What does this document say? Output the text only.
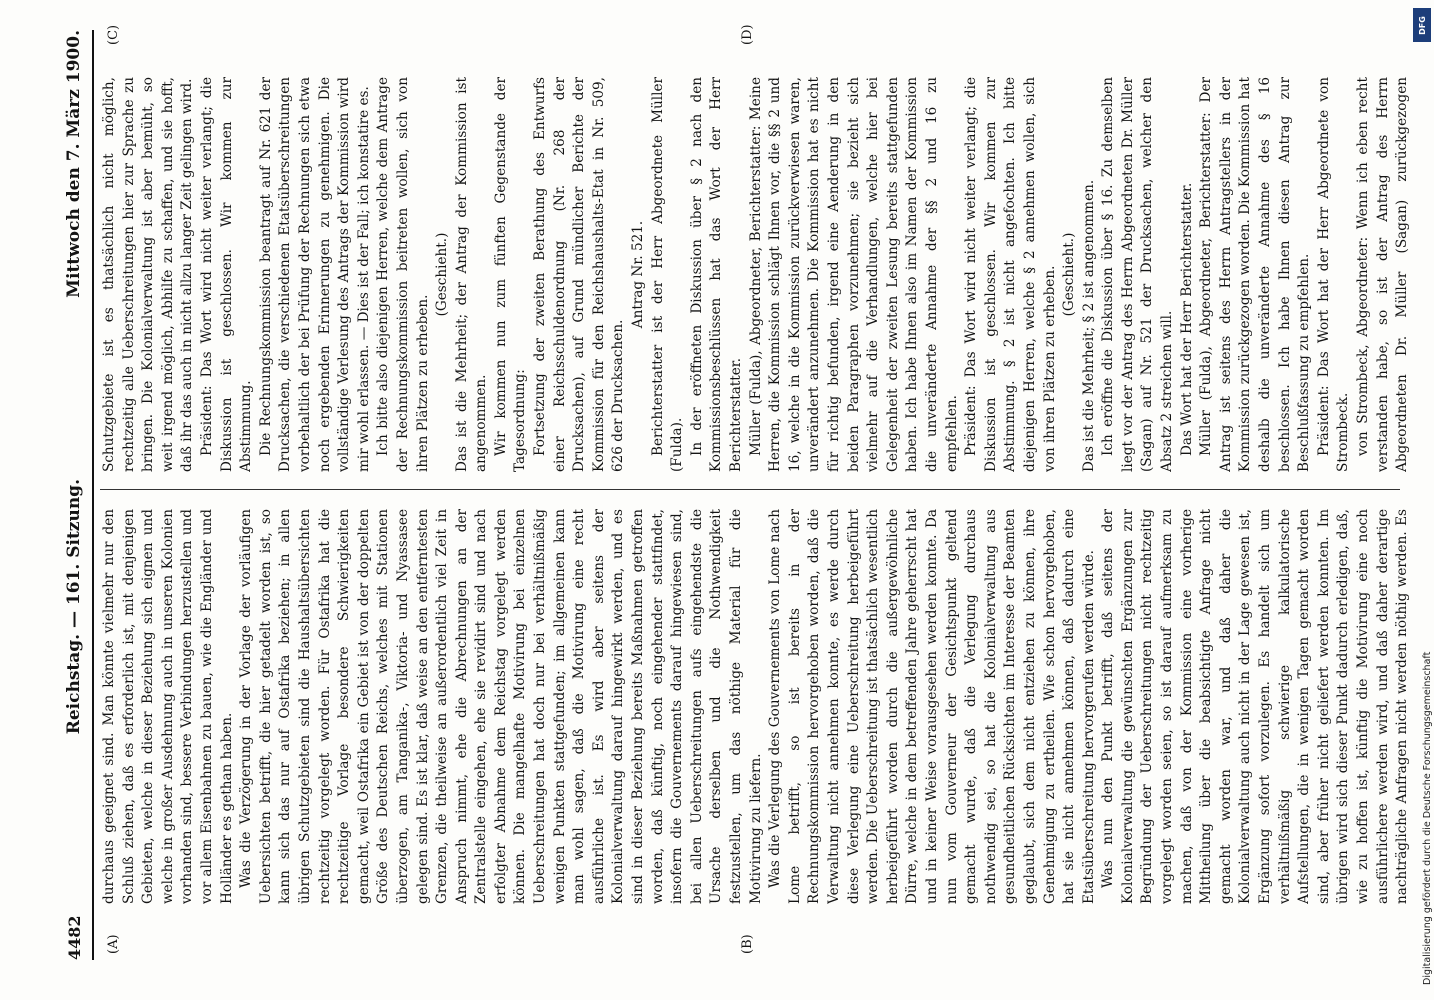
4482
Reichstag. — 161. Sitzung.
Mittwoch den 7. März 1900.
(A)	(B)
(C)	(D)

durchaus geeignet sind. Man könnte vielmehr nur den Schluß ziehen, daß es erforderlich ist, mit denjenigen Gebieten, welche in dieser Beziehung sich eignen und welche in großer Ausdehnung auch in unseren Kolonien vorhanden sind, bessere Verbindungen herzustellen und vor allem Eisenbahnen zu bauen, wie die Engländer und Holländer es gethan haben. Was die Verzögerung in der Vorlage der vorläufigen Uebersichten betrifft, die hier getadelt worden ist, so kann sich das nur auf Ostafrika beziehen; in allen übrigen Schutzgebieten sind die Haushaltsübersichten rechtzeitig vorgelegt worden. Für Ostafrika hat die rechtzeitige Vorlage besondere Schwierigkeiten gemacht, weil Ostafrika ein Gebiet ist von der doppelten Größe des Deutschen Reichs, welches mit Stationen überzogen, am Tanganika-, Viktoria- und Nyassasee gelegen sind. Es ist klar, daß weise an den entferntesten Grenzen, die theilweise an außerordentlich viel Zeit in Anspruch nimmt, ehe die Abrechnungen an der Zentralstelle eingehen, ehe sie revidirt sind und nach erfolgter Abnahme dem Reichstag vorgelegt werden können. Die mangelhafte Motivirung bei einzelnen Ueberschreitungen hat doch nur bei verhältnißmäßig wenigen Punkten stattgefunden; im allgemeinen kann man wohl sagen, daß die Motivirung eine recht ausführliche ist. Es wird aber seitens der Kolonialverwaltung darauf hingewirkt werden, und es sind in dieser Beziehung bereits Maßnahmen getroffen worden, daß künftig, noch eingehender stattfindet, insofern die Gouvernements darauf hingewiesen sind, bei allen Ueberschreitungen aufs eingehendste die Ursache derselben und die Nothwendigkeit festzustellen, um das nöthige Material für die Motivirung zu liefern. Was die Verlegung des Gouvernements von Lome nach Lome betrifft, so ist bereits in der Rechnungskommission hervorgehoben worden, daß die Verwaltung nicht annehmen konnte, es werde durch diese Verlegung eine Ueberschreitung herbeigeführt werden. Die Ueberschreitung ist thatsächlich wesentlich herbeigeführt worden durch die außergewöhnliche Dürre, welche in dem betreffenden Jahre geherrscht hat und in keiner Weise vorausgesehen werden konnte. Da nun vom Gouverneur der Gesichtspunkt geltend gemacht wurde, daß die Verlegung durchaus nothwendig sei, so hat die Kolonialverwaltung aus gesundheitlichen Rücksichten im Interesse der Beamten geglaubt, sich dem nicht entziehen zu können, ihre Genehmigung zu ertheilen. Wie schon hervorgehoben, hat sie nicht annehmen können, daß dadurch eine Etatsüberschreitung hervorgerufen werden würde. Was nun den Punkt betrifft, daß seitens der Kolonialverwaltung die gewünschten Ergänzungen zur Begründung der Ueberschreitungen nicht rechtzeitig vorgelegt worden seien, so ist darauf aufmerksam zu machen, daß von der Kommission eine vorherige Mittheilung über die beabsichtigte Anfrage nicht gemacht worden war, und daß daher die Kolonialverwaltung auch nicht in der Lage gewesen ist, Ergänzung sofort vorzulegen. Es handelt sich um verhältnißmäßig schwierige kalkulatorische Aufstellungen, die in wenigen Tagen gemacht worden sind, aber früher nicht geliefert werden konnten. Im übrigen wird sich dieser Punkt dadurch erledigen, daß, wie zu hoffen ist, künftig die Motivirung eine noch ausführlichere werden wird, und daß daher derartige nachträgliche Anfragen nicht werden nöthig werden. Es

Schutzgebiete ist es thatsächlich nicht möglich, rechtzeitig alle Ueberschreitungen hier zur Sprache zu bringen. Die Kolonialverwaltung ist aber bemüht, so weit irgend möglich, Abhilfe zu schaffen, und sie hofft, daß ihr das auch in nicht allzu langer Zeit gelingen wird. Präsident: Das Wort wird nicht weiter verlangt; die Diskussion ist geschlossen. Wir kommen zur Abstimmung. Die Rechnungskommission beantragt auf Nr. 621 der Drucksachen, die verschiedenen Etatsüberschreitungen vorbehaltlich der bei Prüfung der Rechnungen sich etwa noch ergebenden Erinnerungen zu genehmigen. Die vollständige Verlesung des Antrags der Kommission wird mir wohl erlassen. — Dies ist der Fall; ich konstatire es. Ich bitte also diejenigen Herren, welche dem Antrage der Rechnungskommission beitreten wollen, sich von ihren Plätzen zu erheben.

(Geschieht.) Das ist die Mehrheit; der Antrag der Kommission ist angenommen. Wir kommen nun zum fünften Gegenstande der Tagesordnung: Fortsetzung der zweiten Berathung des Entwurfs einer Reichsschuldenordnung (Nr. 268 der Drucksachen), auf Grund mündlicher Berichte der Kommission für den Reichshaushalts-Etat in Nr. 509, 626 der Drucksachen.

Antrag Nr. 521. Berichterstatter ist der Herr Abgeordnete Müller (Fulda). In der eröffneten Diskussion über § 2 nach den Kommissionsbeschlüssen hat das Wort der Herr Berichterstatter. Müller (Fulda), Abgeordneter, Berichterstatter: Meine Herren, die Kommission schlägt Ihnen vor, die §§ 2 und 16, welche in die Kommission zurückverwiesen waren, unverändert anzunehmen. Die Kommission hat es nicht für richtig befunden, irgend eine Aenderung in den beiden Paragraphen vorzunehmen; sie bezieht sich vielmehr auf die Verhandlungen, welche hier bei Gelegenheit der zweiten Lesung bereits stattgefunden haben. Ich habe Ihnen also im Namen der Kommission die unveränderte Annahme der §§ 2 und 16 zu empfehlen. Präsident: Das Wort wird nicht weiter verlangt; die Diskussion ist geschlossen. Wir kommen zur Abstimmung. § 2 ist nicht angefochten. Ich bitte diejenigen Herren, welche § 2 annehmen wollen, sich von ihren Plätzen zu erheben. (Geschieht.) Das ist die Mehrheit; § 2 ist angenommen. Ich eröffne die Diskussion über § 16. Zu demselben liegt vor der Antrag des Herrn Abgeordneten Dr. Müller (Sagan) auf Nr. 521 der Drucksachen, welcher den Absatz 2 streichen will. Das Wort hat der Herr Berichterstatter. Müller (Fulda), Abgeordneter, Berichterstatter: Der Antrag ist seitens des Herrn Antragstellers in der Kommission zurückgezogen worden. Die Kommission hat deshalb die unveränderte Annahme des § 16 beschlossen. Ich habe Ihnen diesen Antrag zur Beschlußfassung zu empfehlen. Präsident: Das Wort hat der Herr Abgeordnete von Strombeck. von Strombeck, Abgeordneter: Wenn ich eben recht verstanden habe, so ist der Antrag des Herrn Abgeordneten Dr. Müller (Sagan) zurückgezogen

DFG
Digitalisierung gefördert durch die Deutsche Forschungsgemeinschaft
